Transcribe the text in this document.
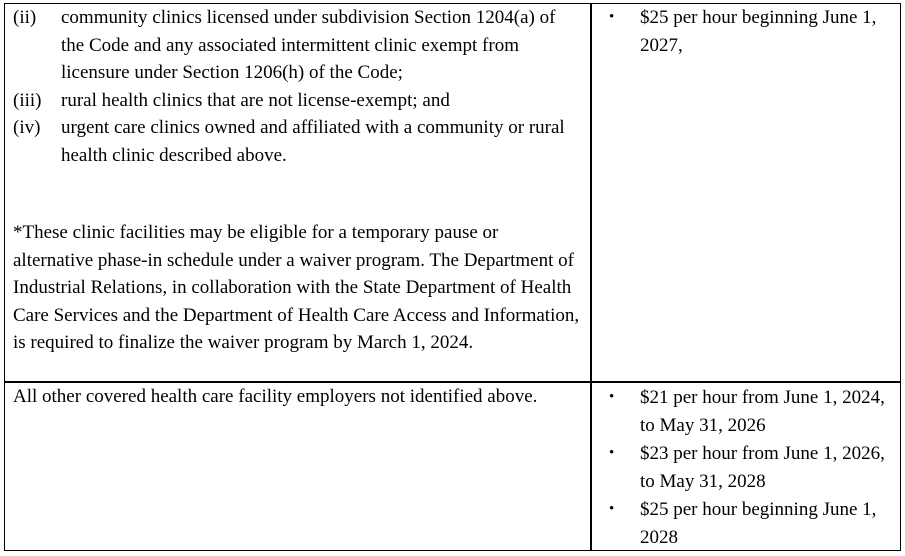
(ii) community clinics licensed under subdivision Section 1204(a) of the Code and any associated intermittent clinic exempt from licensure under Section 1206(h) of the Code;
(iii) rural health clinics that are not license-exempt; and
(iv) urgent care clinics owned and affiliated with a community or rural health clinic described above.
*These clinic facilities may be eligible for a temporary pause or alternative phase-in schedule under a waiver program. The Department of Industrial Relations, in collaboration with the State Department of Health Care Services and the Department of Health Care Access and Information, is required to finalize the waiver program by March 1, 2024.
• $25 per hour beginning June 1, 2027,
All other covered health care facility employers not identified above.	• $21 per hour from June 1, 2024, to May 31, 2026
• $23 per hour from June 1, 2026, to May 31, 2028
• $25 per hour beginning June 1, 2028
